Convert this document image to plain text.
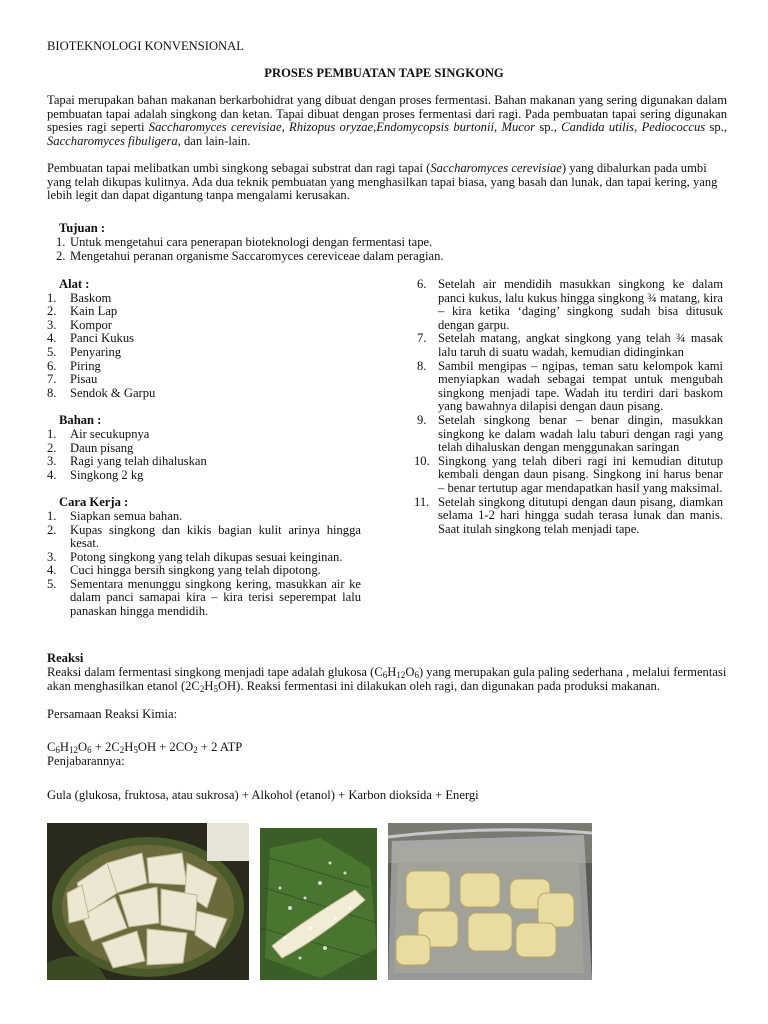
BIOTEKNOLOGI KONVENSIONAL
PROSES PEMBUATAN TAPE SINGKONG
Tapai merupakan bahan makanan berkarbohidrat yang dibuat dengan proses fermentasi. Bahan makanan yang sering digunakan dalam pembuatan tapai adalah singkong dan ketan. Tapai dibuat dengan proses fermentasi dari ragi. Pada pembuatan tapai sering digunakan spesies ragi seperti Saccharomyces cerevisiae, Rhizopus oryzae,Endomycopsis burtonii, Mucor sp., Candida utilis, Pediococcus sp., Saccharomyces fibuligera, dan lain-lain.
Pembuatan tapai melibatkan umbi singkong sebagai substrat dan ragi tapai (Saccharomyces cerevisiae) yang dibalurkan pada umbi yang telah dikupas kulitnya. Ada dua teknik pembuatan yang menghasilkan tapai biasa, yang basah dan lunak, dan tapai kering, yang lebih legit dan dapat digantung tanpa mengalami kerusakan.
Tujuan :
1. Untuk mengetahui cara penerapan bioteknologi dengan fermentasi tape.
2. Mengetahui peranan organisme Saccaromyces cereviceae dalam peragian.
Alat :
1. Baskom
2. Kain Lap
3. Kompor
4. Panci Kukus
5. Penyaring
6. Piring
7. Pisau
8. Sendok & Garpu
Bahan :
1. Air secukupnya
2. Daun pisang
3. Ragi yang telah dihaluskan
4. Singkong 2 kg
Cara Kerja :
1. Siapkan semua bahan.
2. Kupas singkong dan kikis bagian kulit arinya hingga kesat.
3. Potong singkong yang telah dikupas sesuai keinginan.
4. Cuci hingga bersih singkong yang telah dipotong.
5. Sementara menunggu singkong kering, masukkan air ke dalam panci samapai kira – kira terisi seperempat lalu panaskan hingga mendidih.
6. Setelah air mendidih masukkan singkong ke dalam panci kukus, lalu kukus hingga singkong ¾ matang, kira – kira ketika ‘daging’ singkong sudah bisa ditusuk dengan garpu.
7. Setelah matang, angkat singkong yang telah ¾ masak lalu taruh di suatu wadah, kemudian didinginkan
8. Sambil mengipas – ngipas, teman satu kelompok kami menyiapkan wadah sebagai tempat untuk mengubah singkong menjadi tape. Wadah itu terdiri dari baskom yang bawahnya dilapisi dengan daun pisang.
9. Setelah singkong benar – benar dingin, masukkan singkong ke dalam wadah lalu taburi dengan ragi yang telah dihaluskan dengan menggunakan saringan
10. Singkong yang telah diberi ragi ini kemudian ditutup kembali dengan daun pisang. Singkong ini harus benar – benar tertutup agar mendapatkan hasil yang maksimal.
11. Setelah singkong ditutupi dengan daun pisang, diamkan selama 1-2 hari hingga sudah terasa lunak dan manis. Saat itulah singkong telah menjadi tape.
Reaksi
Reaksi dalam fermentasi singkong menjadi tape adalah glukosa $(C_6H_{12}O_6)$ yang merupakan gula paling sederhana , melalui fermentasi akan menghasilkan etanol $(2C_2H_5OH)$. Reaksi fermentasi ini dilakukan oleh ragi, dan digunakan pada produksi makanan.
Persamaan Reaksi Kimia:
$C_6H_{12}O_6 + 2C_2H_5OH + 2CO_2 + 2$ ATP
Penjabarannya:
Gula (glukosa, fruktosa, atau sukrosa) + Alkohol (etanol) + Karbon dioksida + Energi
